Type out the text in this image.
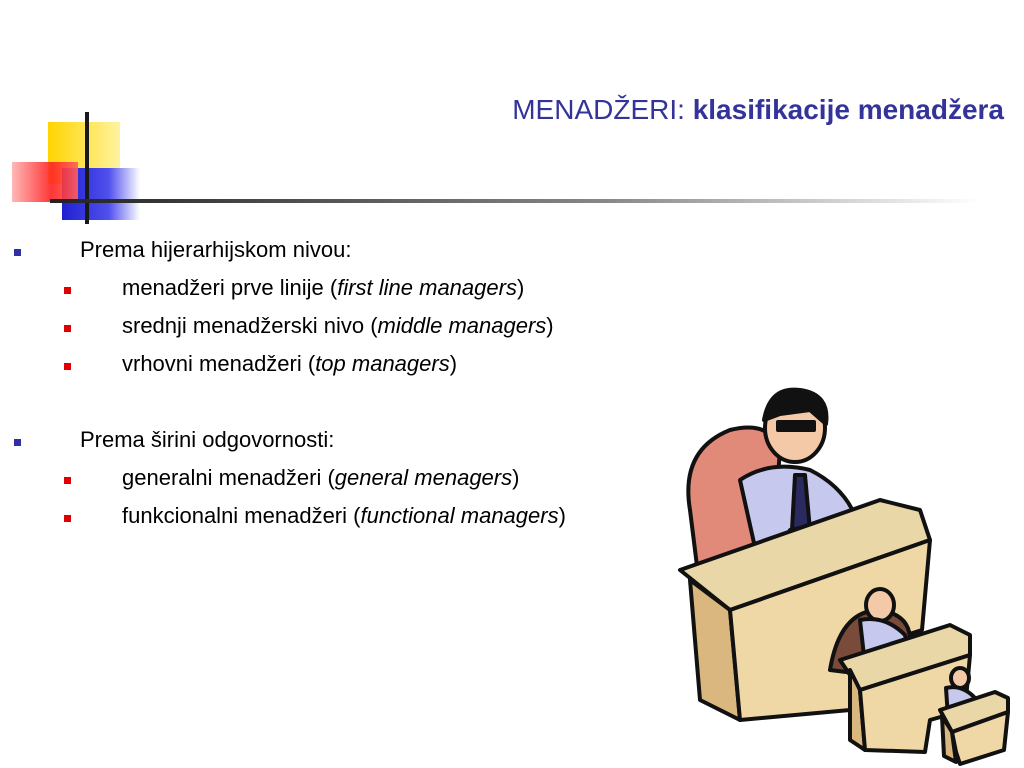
MENADŽERI: klasifikacije menadžera
Prema hijerarhijskom nivou:
menadžeri prve linije (first line managers)
srednji menadžerski nivo (middle managers)
vrhovni menadžeri (top managers)
Prema širini odgovornosti:
generalni menadžeri (general menagers)
funkcionalni menadžeri (functional managers)
